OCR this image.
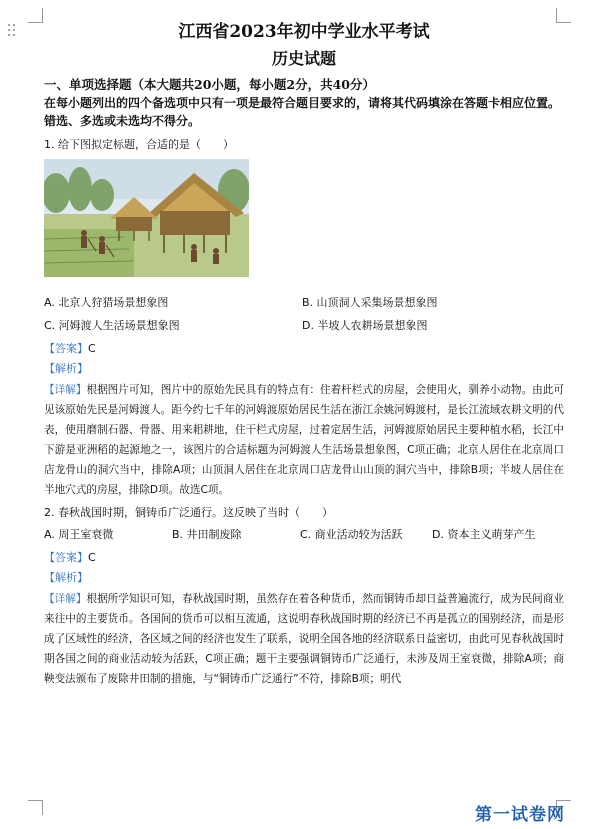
江西省2023年初中学业水平考试
历史试题

一、单项选择题（本大题共20小题，每小题2分，共40分）

在每小题列出的四个备选项中只有一项是最符合题目要求的，请将其代码填涂在答题卡相应位置。错选、多选或未选均不得分。

1. 给下图拟定标题，合适的是（　　）

A. 北京人狩猎场景想象图	B. 山顶洞人采集场景想象图
C. 河姆渡人生活场景想象图	D. 半坡人农耕场景想象图

【答案】C

【解析】

【详解】根据图片可知，图片中的原始先民具有的特点有：住着杆栏式的房屋，会使用火，驯养小动物。由此可见该原始先民是河姆渡人。距今约七千年的河姆渡原始居民生活在浙江余姚河姆渡村，是长江流域农耕文明的代表，使用磨制石器、骨器、用来耜耕地，住干栏式房屋，过着定居生活，河姆渡原始居民主要种植水稻，长江中下游是亚洲稻的起源地之一，该图片的合适标题为河姆渡人生活场景想象图，C项正确；北京人居住在北京周口店龙骨山的洞穴当中，排除A项；山顶洞人居住在北京周口店龙骨山山顶的洞穴当中，排除B项；半坡人居住在半地穴式的房屋，排除D项。故选C项。

2. 春秋战国时期，铜铸币广泛通行。这反映了当时（　　）

A. 周王室衰微	B. 井田制废除	C. 商业活动较为活跃	D. 资本主义萌芽产生

【答案】C

【解析】

【详解】根据所学知识可知，春秋战国时期，虽然存在着各种货币，然而铜铸币却日益普遍流行，成为民间商业来往中的主要货币。各国间的货币可以相互流通，这说明春秋战国时期的经济已不再是孤立的国别经济，而是形成了区域性的经济，各区域之间的经济也发生了联系，说明全国各地的经济联系日益密切，由此可见春秋战国时期各国之间的商业活动较为活跃，C项正确；题干主要强调铜铸币广泛通行，未涉及周王室衰微，排除A项；商鞅变法颁布了废除井田制的措施，与“铜铸币广泛通行”不符，排除B项；明代

第一试卷网
